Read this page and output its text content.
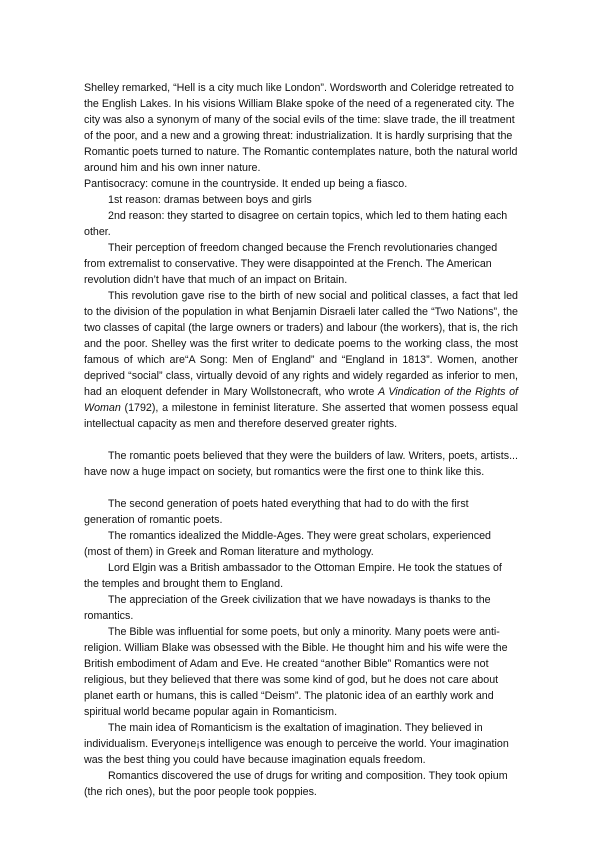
Shelley remarked, “Hell is a city much like London”. Wordsworth and Coleridge retreated to the English Lakes. In his visions William Blake spoke of the need of a regenerated city. The city was also a synonym of many of the social evils of the time: slave trade, the ill treatment of the poor, and a new and a growing threat: industrialization. It is hardly surprising that the Romantic poets turned to nature. The Romantic contemplates nature, both the natural world around him and his own inner nature.

Pantisocracy: comune in the countryside. It ended up being a fiasco.

1st reason: dramas between boys and girls

2nd reason: they started to disagree on certain topics, which led to them hating each other.

Their perception of freedom changed because the French revolutionaries changed from extremalist to conservative. They were disappointed at the French. The American revolution didn’t have that much of an impact on Britain.

This revolution gave rise to the birth of new social and political classes, a fact that led to the division of the population in what Benjamin Disraeli later called the “Two Nations”, the two classes of capital (the large owners or traders) and labour (the workers), that is, the rich and the poor. Shelley was the first writer to dedicate poems to the working class, the most famous of which are“A Song: Men of England” and “England in 1813”. Women, another deprived “social” class, virtually devoid of any rights and widely regarded as inferior to men, had an eloquent defender in Mary Wollstonecraft, who wrote A Vindication of the Rights of Woman (1792), a milestone in feminist literature. She asserted that women possess equal intellectual capacity as men and therefore deserved greater rights.

The romantic poets believed that they were the builders of law. Writers, poets, artists... have now a huge impact on society, but romantics were the first one to think like this.

The second generation of poets hated everything that had to do with the first generation of romantic poets.

The romantics idealized the Middle-Ages. They were great scholars, experienced (most of them) in Greek and Roman literature and mythology.

Lord Elgin was a British ambassador to the Ottoman Empire. He took the statues of the temples and brought them to England.

The appreciation of the Greek civilization that we have nowadays is thanks to the romantics.

The Bible was influential for some poets, but only a minority. Many poets were anti-religion. William Blake was obsessed with the Bible. He thought him and his wife were the British embodiment of Adam and Eve. He created “another Bible” Romantics were not religious, but they believed that there was some kind of god, but he does not care about planet earth or humans, this is called “Deism”. The platonic idea of an earthly work and spiritual world became popular again in Romanticism.

The main idea of Romanticism is the exaltation of imagination. They believed in individualism. Everyone¡s intelligence was enough to perceive the world. Your imagination was the best thing you could have because imagination equals freedom.

Romantics discovered the use of drugs for writing and composition. They took opium (the rich ones), but the poor people took poppies.
